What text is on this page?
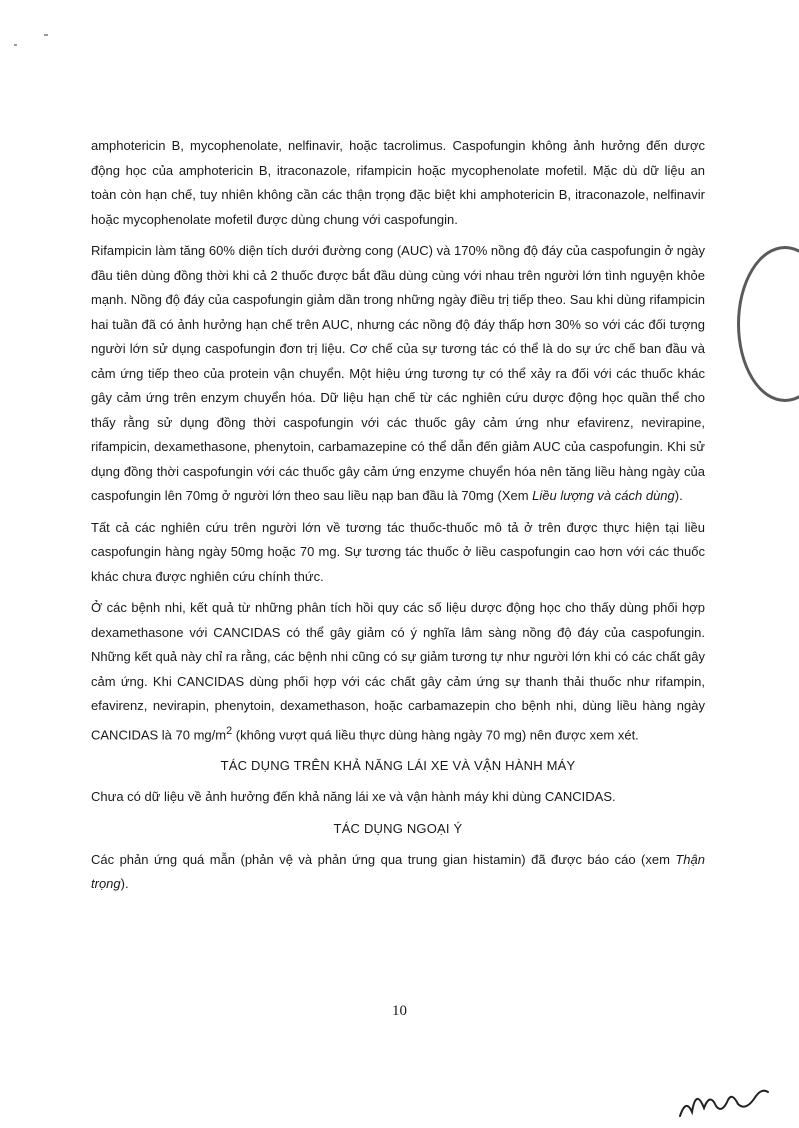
amphotericin B, mycophenolate, nelfinavir, hoặc tacrolimus. Caspofungin không ảnh hưởng đến dược động học của amphotericin B, itraconazole, rifampicin hoặc mycophenolate mofetil. Mặc dù dữ liệu an toàn còn hạn chế, tuy nhiên không cần các thận trọng đặc biệt khi amphotericin B, itraconazole, nelfinavir hoặc mycophenolate mofetil được dùng chung với caspofungin.

Rifampicin làm tăng 60% diện tích dưới đường cong (AUC) và 170% nồng độ đáy của caspofungin ở ngày đầu tiên dùng đồng thời khi cả 2 thuốc được bắt đầu dùng cùng với nhau trên người lớn tình nguyện khỏe mạnh. Nồng độ đáy của caspofungin giảm dần trong những ngày điều trị tiếp theo. Sau khi dùng rifampicin hai tuần đã có ảnh hưởng hạn chế trên AUC, nhưng các nồng độ đáy thấp hơn 30% so với các đối tượng người lớn sử dụng caspofungin đơn trị liệu. Cơ chế của sự tương tác có thể là do sự ức chế ban đầu và cảm ứng tiếp theo của protein vận chuyển. Một hiệu ứng tương tự có thể xảy ra đối với các thuốc khác gây cảm ứng trên enzym chuyển hóa. Dữ liệu hạn chế từ các nghiên cứu dược động học quần thể cho thấy rằng sử dụng đồng thời caspofungin với các thuốc gây cảm ứng như efavirenz, nevirapine, rifampicin, dexamethasone, phenytoin, carbamazepine có thể dẫn đến giảm AUC của caspofungin. Khi sử dụng đồng thời caspofungin với các thuốc gây cảm ứng enzyme chuyển hóa nên tăng liều hàng ngày của caspofungin lên 70mg ở người lớn theo sau liều nạp ban đầu là 70mg (Xem Liều lượng và cách dùng).

Tất cả các nghiên cứu trên người lớn về tương tác thuốc-thuốc mô tả ở trên được thực hiện tại liều caspofungin hàng ngày 50mg hoặc 70 mg. Sự tương tác thuốc ở liều caspofungin cao hơn với các thuốc khác chưa được nghiên cứu chính thức.

Ở các bệnh nhi, kết quả từ những phân tích hồi quy các số liệu dược động học cho thấy dùng phối hợp dexamethasone với CANCIDAS có thể gây giảm có ý nghĩa lâm sàng nồng độ đáy của caspofungin. Những kết quả này chỉ ra rằng, các bệnh nhi cũng có sự giảm tương tự như người lớn khi có các chất gây cảm ứng. Khi CANCIDAS dùng phối hợp với các chất gây cảm ứng sự thanh thải thuốc như rifampin, efavirenz, nevirapin, phenytoin, dexamethason, hoặc carbamazepin cho bệnh nhi, dùng liều hàng ngày CANCIDAS là 70 $mg/m^2$ (không vượt quá liều thực dùng hàng ngày 70 mg) nên được xem xét.

TÁC DỤNG TRÊN KHẢ NĂNG LÁI XE VÀ VẬN HÀNH MÁY

Chưa có dữ liệu về ảnh hưởng đến khả năng lái xe và vận hành máy khi dùng CANCIDAS.

TÁC DỤNG NGOẠI Ý

Các phản ứng quá mẫn (phản vệ và phản ứng qua trung gian histamin) đã được báo cáo (xem Thận trọng).

10
